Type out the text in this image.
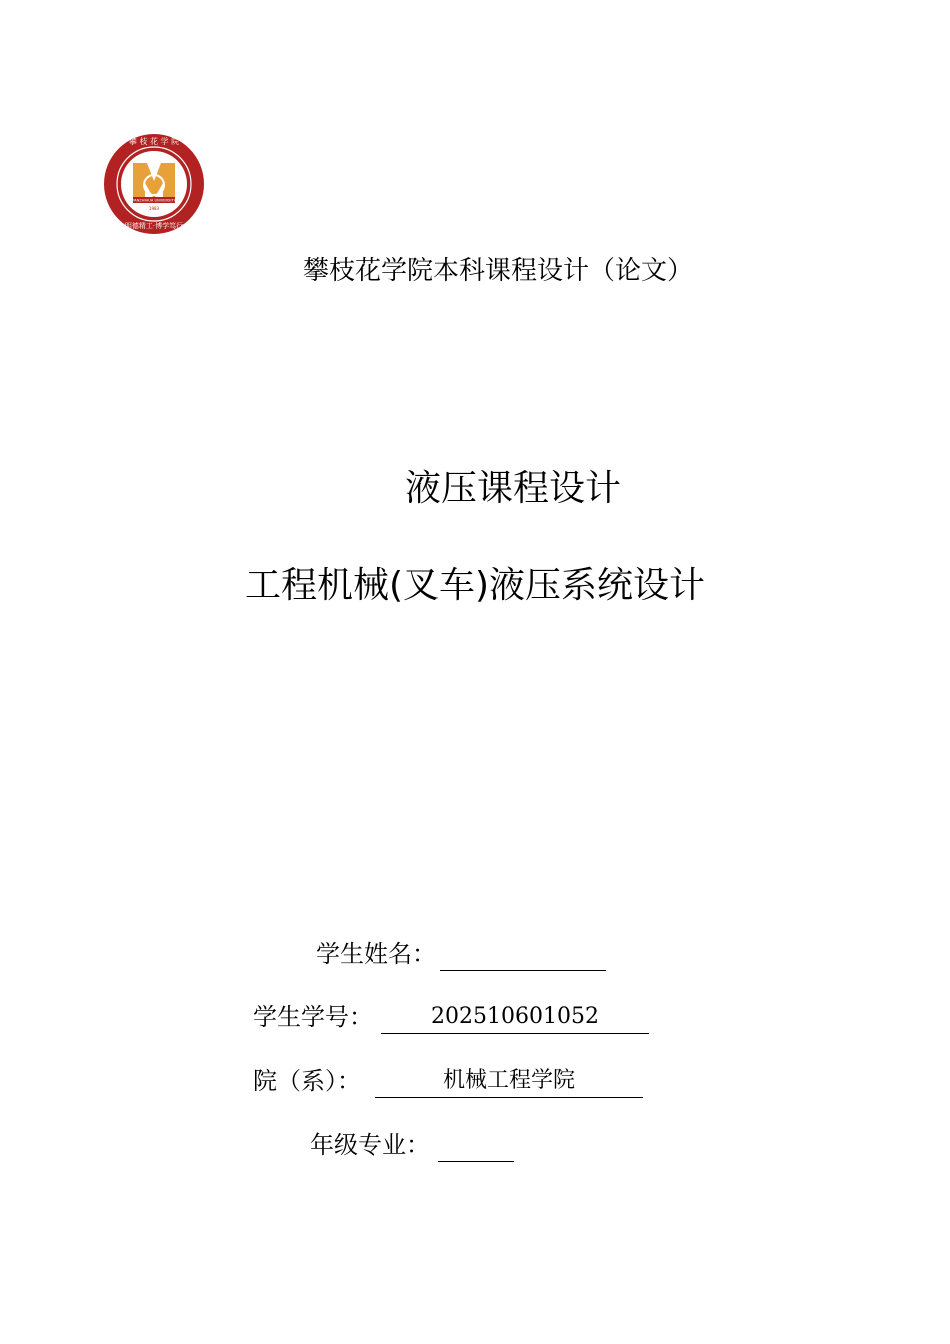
PANZHIHUA UNIVERSITY
1983
攀 枝 花 学 院
明德精工·博学笃行
攀枝花学院本科课程设计（论文）
液压课程设计
工程机械(叉车)液压系统设计
学生姓名：
学生学号：	202510601052
院（系）：	机械工程学院
年级专业：
